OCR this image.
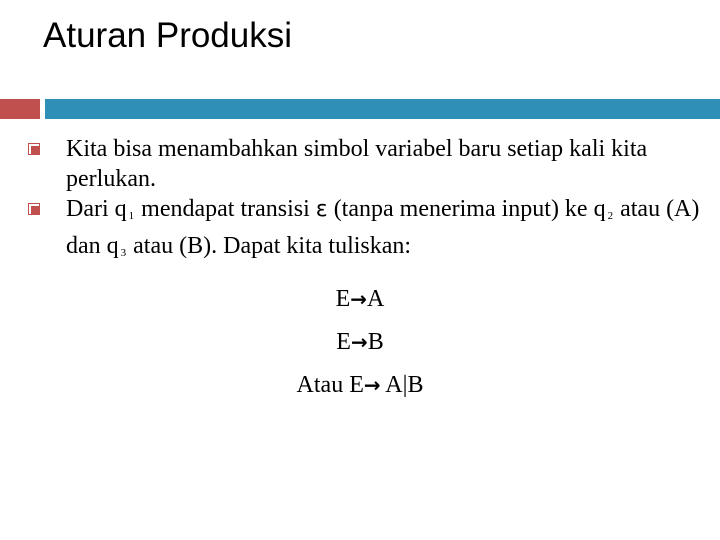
Aturan Produksi
Kita bisa menambahkan simbol variabel baru setiap kali kita perlukan.
Dari q $_1$ mendapat transisi ε (tanpa menerima input) ke q $_2$ atau (A) dan q $_3$ atau (B). Dapat kita tuliskan:
E→A
E→B
Atau E→ A|B
